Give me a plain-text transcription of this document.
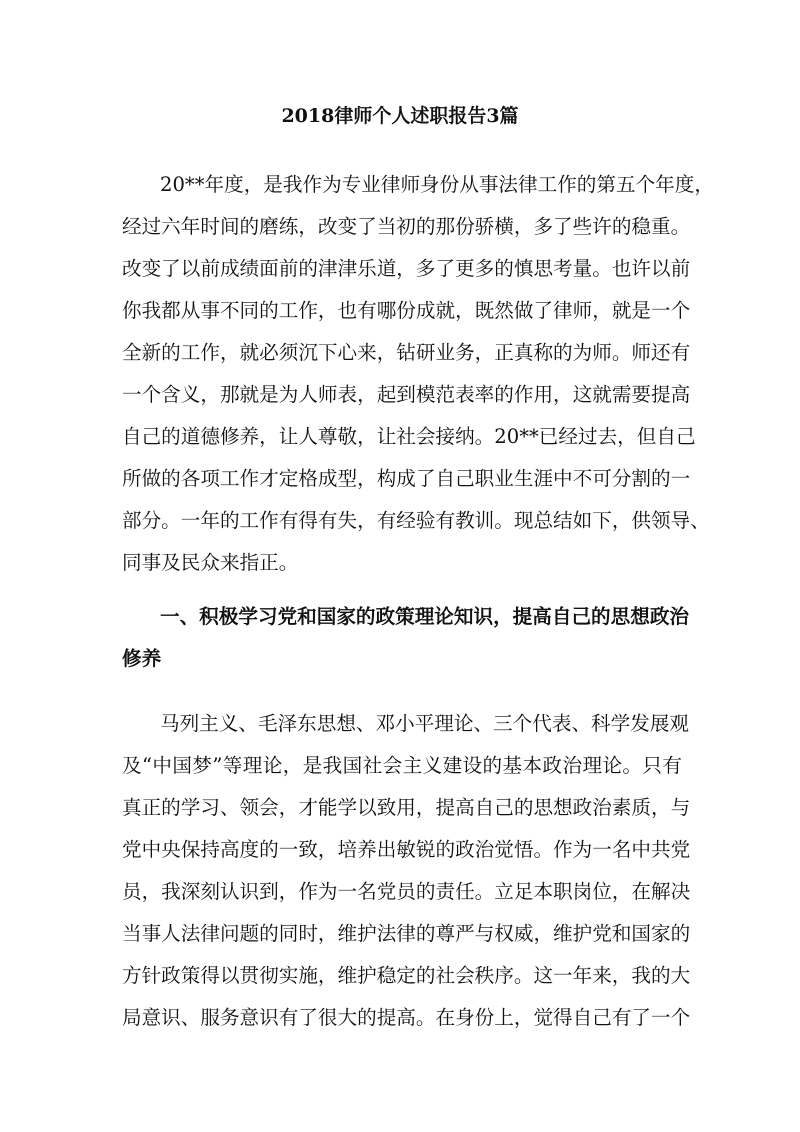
2018律师个人述职报告3篇
20**年度，是我作为专业律师身份从事法律工作的第五个年度，
经过六年时间的磨练，改变了当初的那份骄横，多了些许的稳重。
改变了以前成绩面前的津津乐道，多了更多的慎思考量。也许以前
你我都从事不同的工作，也有哪份成就，既然做了律师，就是一个
全新的工作，就必须沉下心来，钻研业务，正真称的为师。师还有
一个含义，那就是为人师表，起到模范表率的作用，这就需要提高
自己的道德修养，让人尊敬，让社会接纳。20**已经过去，但自己
所做的各项工作才定格成型，构成了自己职业生涯中不可分割的一
部分。一年的工作有得有失，有经验有教训。现总结如下，供领导、
同事及民众来指正。
一、积极学习党和国家的政策理论知识，提高自己的思想政治
修养
马列主义、毛泽东思想、邓小平理论、三个代表、科学发展观
及“中国梦”等理论，是我国社会主义建设的基本政治理论。只有
真正的学习、领会，才能学以致用，提高自己的思想政治素质，与
党中央保持高度的一致，培养出敏锐的政治觉悟。作为一名中共党
员，我深刻认识到，作为一名党员的责任。立足本职岗位，在解决
当事人法律问题的同时，维护法律的尊严与权威，维护党和国家的
方针政策得以贯彻实施，维护稳定的社会秩序。这一年来，我的大
局意识、服务意识有了很大的提高。在身份上，觉得自己有了一个
